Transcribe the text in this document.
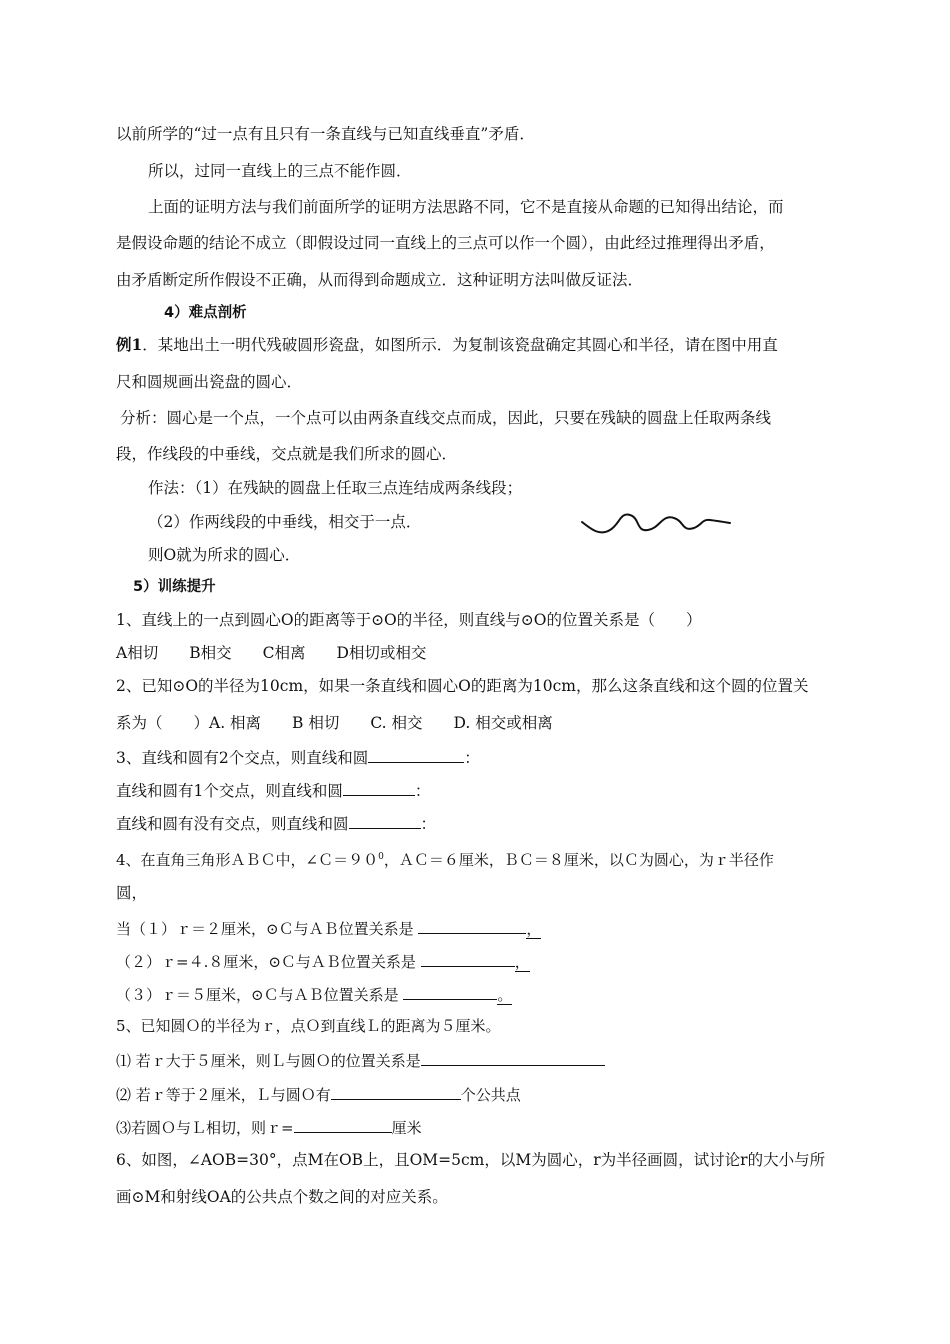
以前所学的“过一点有且只有一条直线与已知直线垂直”矛盾．
所以，过同一直线上的三点不能作圆．
上面的证明方法与我们前面所学的证明方法思路不同，它不是直接从命题的已知得出结论，而
是假设命题的结论不成立（即假设过同一直线上的三点可以作一个圆），由此经过推理得出矛盾，
由矛盾断定所作假设不正确，从而得到命题成立．这种证明方法叫做反证法．
4）难点剖析
例1．某地出土一明代残破圆形瓷盘，如图所示．为复制该瓷盘确定其圆心和半径，请在图中用直
尺和圆规画出瓷盘的圆心．
分析：圆心是一个点，一个点可以由两条直线交点而成，因此，只要在残缺的圆盘上任取两条线
段，作线段的中垂线，交点就是我们所求的圆心．
作法：（1）在残缺的圆盘上任取三点连结成两条线段；
（2）作两线段的中垂线，相交于一点．
则O就为所求的圆心．
5）训练提升
1、直线上的一点到圆心O的距离等于⊙O的半径，则直线与⊙O的位置关系是（　　）
A相切　　B相交　　C相离　　D相切或相交
2、已知⊙O的半径为10cm，如果一条直线和圆心O的距离为10cm，那么这条直线和这个圆的位置关
系为（　　）A. 相离　　B 相切　　C. 相交　　D. 相交或相离
3、直线和圆有2个交点，则直线和圆	：
直线和圆有1个交点，则直线和圆	：
直线和圆有没有交点，则直线和圆	：
4、在直角三角形ＡＢＣ中，$\angle C=90^0$，ＡＣ＝６厘米，ＢＣ＝８厘米，以Ｃ为圆心，为ｒ半径作
圆，
当（１）ｒ＝２厘米，⊙Ｃ与ＡＢ位置关系是	，
（２）ｒ=４.８厘米，⊙Ｃ与ＡＢ位置关系是	，
（３）ｒ＝５厘米，⊙Ｃ与ＡＢ位置关系是	。
5、已知圆Ｏ的半径为ｒ，点Ｏ到直线Ｌ的距离为５厘米。
⑴ 若ｒ大于５厘米，则Ｌ与圆Ｏ的位置关系是
⑵ 若ｒ等于２厘米，Ｌ与圆Ｏ有	个公共点
⑶若圆Ｏ与Ｌ相切，则ｒ=	厘米
6、如图，∠AOB=30°，点M在OB上，且OM=5cm，以M为圆心，r为半径画圆，试讨论r的大小与所
画⊙M和射线OA的公共点个数之间的对应关系。
